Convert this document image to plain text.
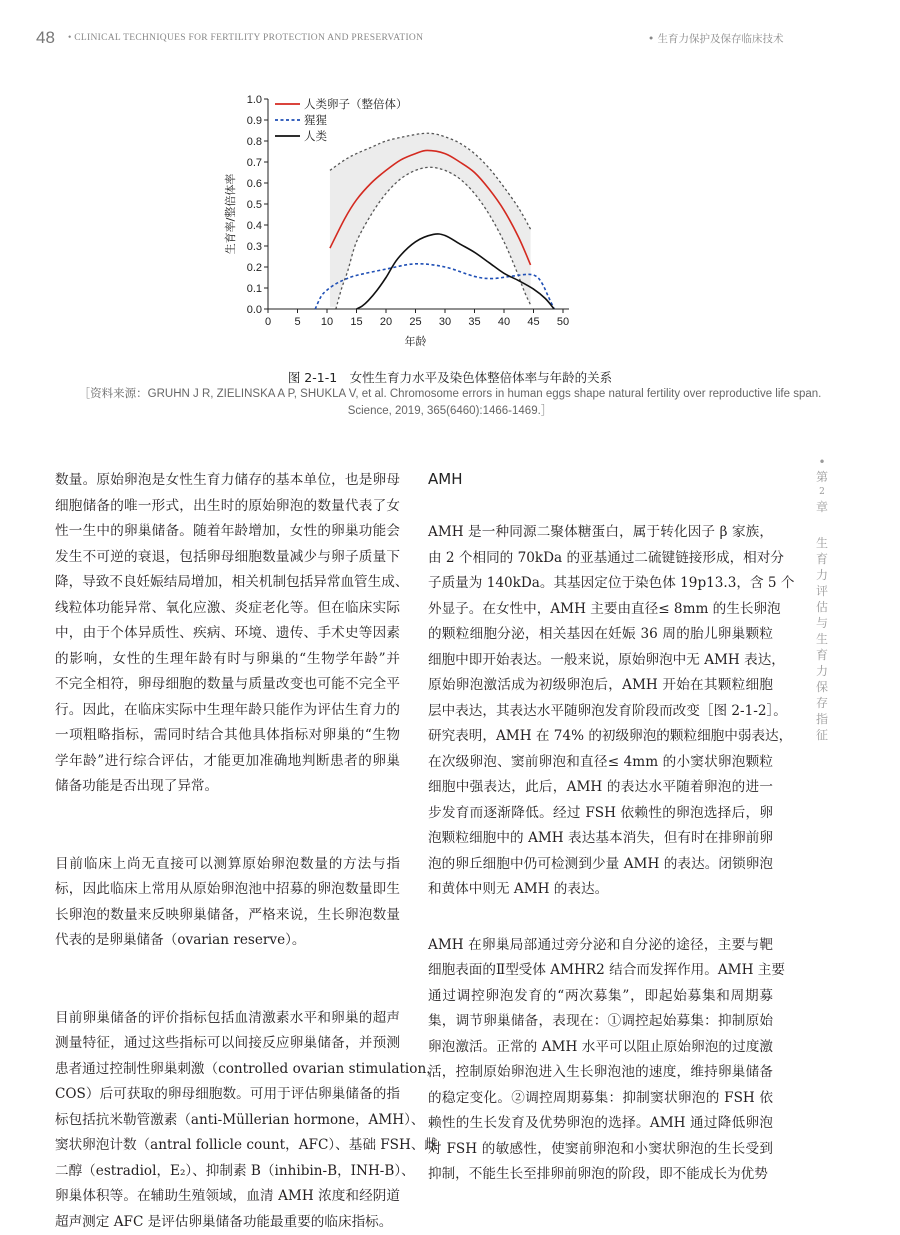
48 • CLINICAL TECHNIQUES FOR FERTILITY PROTECTION AND PRESERVATION	• 生育力保护及保存临床技术
0.0
0.1
0.2
0.3
0.4
0.5
0.6
0.7
0.8
0.9
1.0
0 5 10 15 20 25 30 35 40 45 50
年龄
生育率/整倍体率
人类卵子（整倍体）
猩猩
人类
图 2-1-1　女性生育力水平及染色体整倍体率与年龄的关系
［资料来源：GRUHN J R, ZIELINSKA A P, SHUKLA V, et al. Chromosome errors in human eggs shape natural fertility over reproductive life span.
Science, 2019, 365(6460):1466-1469.］
数量。原始卵泡是女性生育力储存的基本单位，也是卵母
细胞储备的唯一形式，出生时的原始卵泡的数量代表了女
性一生中的卵巢储备。随着年龄增加，女性的卵巢功能会
发生不可逆的衰退，包括卵母细胞数量减少与卵子质量下
降，导致不良妊娠结局增加，相关机制包括异常血管生成、
线粒体功能异常、氧化应激、炎症老化等。但在临床实际
中，由于个体异质性、疾病、环境、遗传、手术史等因素
的影响，女性的生理年龄有时与卵巢的“生物学年龄”并
不完全相符，卵母细胞的数量与质量改变也可能不完全平
行。因此，在临床实际中生理年龄只能作为评估生育力的
一项粗略指标，需同时结合其他具体指标对卵巢的“生物
学年龄”进行综合评估，才能更加准确地判断患者的卵巢
储备功能是否出现了异常。
目前临床上尚无直接可以测算原始卵泡数量的方法与指
标，因此临床上常用从原始卵泡池中招募的卵泡数量即生
长卵泡的数量来反映卵巢储备，严格来说，生长卵泡数量
代表的是卵巢储备（ovarian reserve）。
目前卵巢储备的评价指标包括血清激素水平和卵巢的超声
测量特征，通过这些指标可以间接反应卵巢储备，并预测
患者通过控制性卵巢刺激（controlled ovarian stimulation，
COS）后可获取的卵母细胞数。可用于评估卵巢储备的指
标包括抗米勒管激素（anti-Müllerian hormone，AMH）、
窦状卵泡计数（antral follicle count，AFC）、基础 FSH、雌
二醇（estradiol，E₂）、抑制素 B（inhibin-B，INH-B）、
卵巢体积等。在辅助生殖领域，血清 AMH 浓度和经阴道
超声测定 AFC 是评估卵巢储备功能最重要的临床指标。
AMH
AMH 是一种同源二聚体糖蛋白，属于转化因子 β 家族，
由 2 个相同的 70kDa 的亚基通过二硫键链接形成，相对分
子质量为 140kDa。其基因定位于染色体 19p13.3，含 5 个
外显子。在女性中，AMH 主要由直径≤ 8mm 的生长卵泡
的颗粒细胞分泌，相关基因在妊娠 36 周的胎儿卵巢颗粒
细胞中即开始表达。一般来说，原始卵泡中无 AMH 表达，
原始卵泡激活成为初级卵泡后，AMH 开始在其颗粒细胞
层中表达，其表达水平随卵泡发育阶段而改变［图 2-1-2］。
研究表明，AMH 在 74% 的初级卵泡的颗粒细胞中弱表达，
在次级卵泡、窦前卵泡和直径≤ 4mm 的小窦状卵泡颗粒
细胞中强表达，此后，AMH 的表达水平随着卵泡的进一
步发育而逐渐降低。经过 FSH 依赖性的卵泡选择后，卵
泡颗粒细胞中的 AMH 表达基本消失，但有时在排卵前卵
泡的卵丘细胞中仍可检测到少量 AMH 的表达。闭锁卵泡
和黄体中则无 AMH 的表达。
AMH 在卵巢局部通过旁分泌和自分泌的途径，主要与靶
细胞表面的Ⅱ型受体 AMHR2 结合而发挥作用。AMH 主要
通过调控卵泡发育的“两次募集”，即起始募集和周期募
集，调节卵巢储备，表现在：①调控起始募集：抑制原始
卵泡激活。正常的 AMH 水平可以阻止原始卵泡的过度激
活，控制原始卵泡进入生长卵泡池的速度，维持卵巢储备
的稳定变化。②调控周期募集：抑制窦状卵泡的 FSH 依
赖性的生长发育及优势卵泡的选择。AMH 通过降低卵泡
对 FSH 的敏感性，使窦前卵泡和小窦状卵泡的生长受到
抑制，不能生长至排卵前卵泡的阶段，即不能成长为优势
•
第
2
章
生
育
力
评
估
与
生
育
力
保
存
指
征
